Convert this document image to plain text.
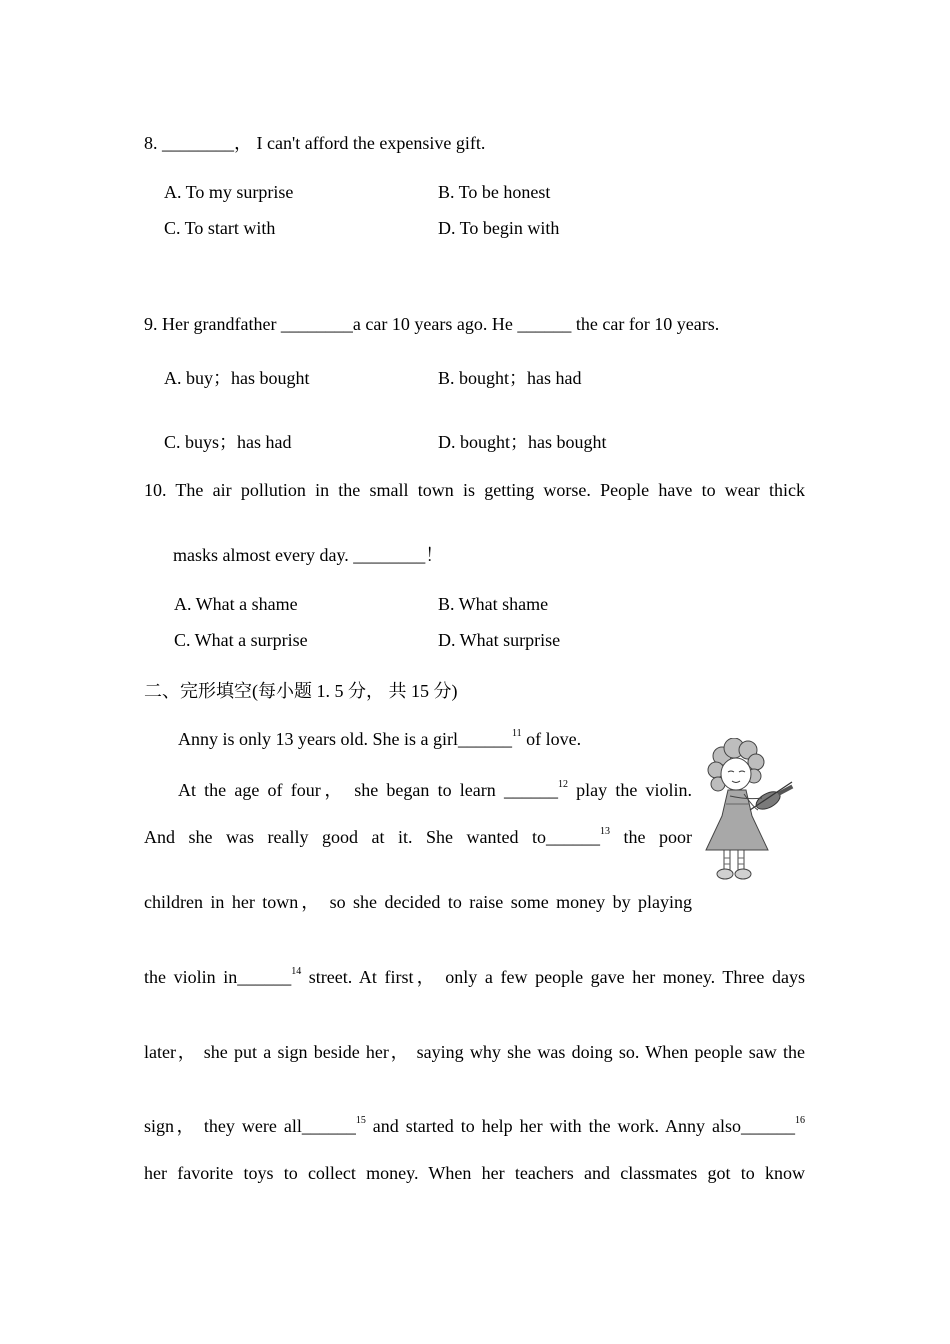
8. ________， I can't afford the expensive gift.
A. To my surprise	B. To be honest
C. To start with	D. To begin with
9. Her grandfather ________a car 10 years ago. He ______ the car for 10 years.
A. buy；has bought	B. bought；has had
C. buys；has had	D. bought；has bought
10. The air pollution in the small town is getting worse. People have to wear thick
masks almost every day. ________！
A. What a shame	B. What shame
C. What a surprise	D. What surprise
二、完形填空(每小题 1. 5 分， 共 15 分)
Anny is only 13 years old. She is a girl______$^{11}$ of love.
At the age of four， she began to learn ______$^{12}$ play the violin.
And she was really good at it. She wanted to______$^{13}$ the poor
children in her town， so she decided to raise some money by playing
the violin in______$^{14}$ street. At first， only a few people gave her money. Three days
later， she put a sign beside her， saying why she was doing so. When people saw the
sign， they were all______$^{15}$ and started to help her with the work. Anny also______$^{16}$
her favorite toys to collect money. When her teachers and classmates got to know
